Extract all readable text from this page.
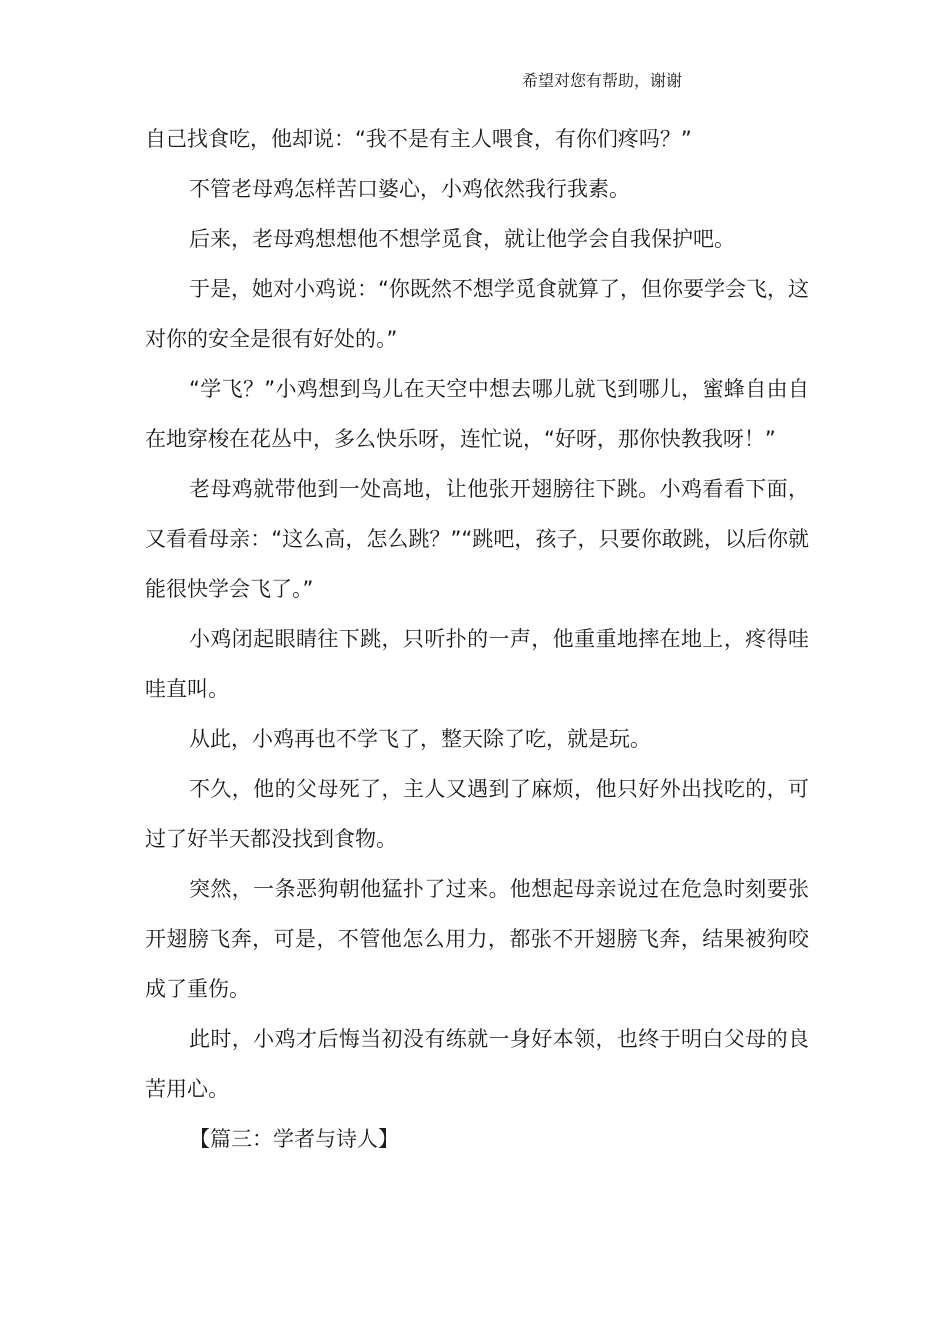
希望对您有帮助，谢谢

自己找食吃，他却说：“我不是有主人喂食，有你们疼吗？”

不管老母鸡怎样苦口婆心，小鸡依然我行我素。

后来，老母鸡想想他不想学觅食，就让他学会自我保护吧。

于是，她对小鸡说：“你既然不想学觅食就算了，但你要学会飞，这对你的安全是很有好处的。”

“学飞？”小鸡想到鸟儿在天空中想去哪儿就飞到哪儿，蜜蜂自由自在地穿梭在花丛中，多么快乐呀，连忙说，“好呀，那你快教我呀！”

老母鸡就带他到一处高地，让他张开翅膀往下跳。小鸡看看下面，又看看母亲：“这么高，怎么跳？”“跳吧，孩子，只要你敢跳，以后你就能很快学会飞了。”

小鸡闭起眼睛往下跳，只听扑的一声，他重重地摔在地上，疼得哇哇直叫。

从此，小鸡再也不学飞了，整天除了吃，就是玩。

不久，他的父母死了，主人又遇到了麻烦，他只好外出找吃的，可过了好半天都没找到食物。

突然，一条恶狗朝他猛扑了过来。他想起母亲说过在危急时刻要张开翅膀飞奔，可是，不管他怎么用力，都张不开翅膀飞奔，结果被狗咬成了重伤。

此时，小鸡才后悔当初没有练就一身好本领，也终于明白父母的良苦用心。

【篇三：学者与诗人】
